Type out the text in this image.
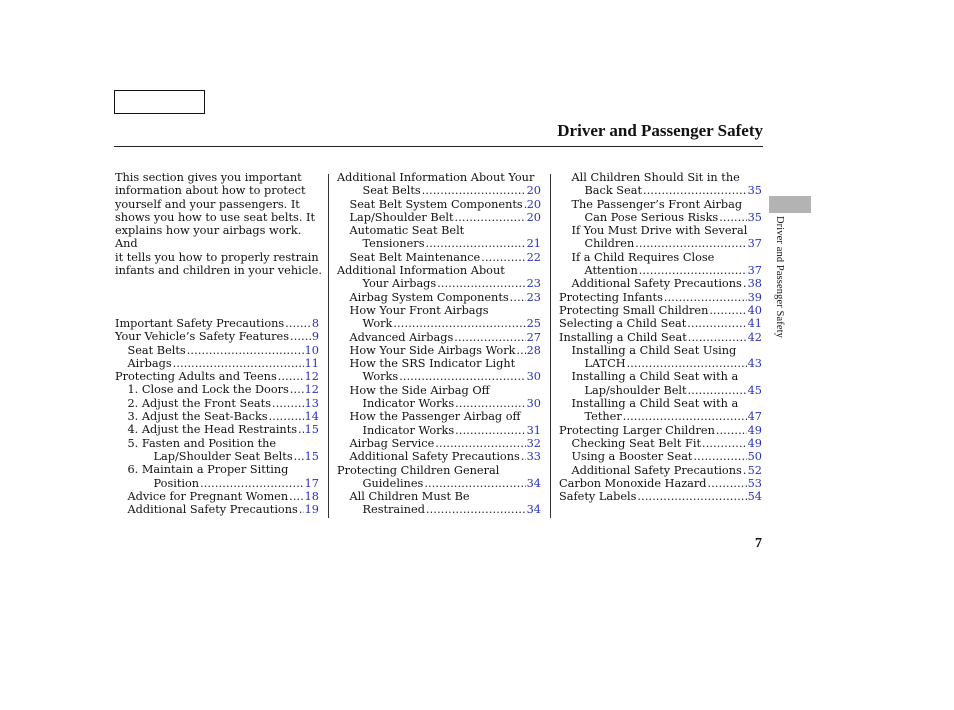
Driver and Passenger Safety
Driver and Passenger Safety

This section gives you important
information about how to protect
yourself and your passengers. It
shows you how to use seat belts. It
explains how your airbags work. And
it tells you how to properly restrain
infants and children in your vehicle.

Important Safety Precautions ..... 8
Your Vehicle’s Safety Features ..... 9
Seat Belts .....	10
Airbags .....	11
Protecting Adults and Teens ..... 12
1. Close and Lock the Doors ..... 12
2. Adjust the Front Seats .....	13
3. Adjust the Seat-Backs .....	14
4. Adjust the Head Restraints ..... 15
5. Fasten and Position the
Lap/Shoulder Seat Belts ..... 15
6. Maintain a Proper Sitting
Position .....	17
Advice for Pregnant Women ..... 18
Additional Safety Precautions ..... 19
Additional Information About Your
Seat Belts .....	20
Seat Belt System Components ..... 20
Lap/Shoulder Belt .....	20
Automatic Seat Belt
Tensioners .....	21
Seat Belt Maintenance .....	22
Additional Information About
Your Airbags .....	23
Airbag System Components ..... 23
How Your Front Airbags
Work .....	25
Advanced Airbags .....	27
How Your Side Airbags Work ..... 28
How the SRS Indicator Light
Works .....	30
How the Side Airbag Off
Indicator Works .....	30
How the Passenger Airbag off
Indicator Works .....	31
Airbag Service .....	32
Additional Safety Precautions ..... 33
Protecting Children General
Guidelines .....	34
All Children Must Be
Restrained .....	34
All Children Should Sit in the
Back Seat .....	35
The Passenger’s Front Airbag
Can Pose Serious Risks .....	35
If You Must Drive with Several
Children .....	37
If a Child Requires Close
Attention .....	37
Additional Safety Precautions ..... 38
Protecting Infants .....	39
Protecting Small Children .....	40
Selecting a Child Seat .....	41
Installing a Child Seat .....	42
Installing a Child Seat Using
LATCH .....	43
Installing a Child Seat with a
Lap/shoulder Belt .....	45
Installing a Child Seat with a
Tether .....	47
Protecting Larger Children .....	49
Checking Seat Belt Fit .....	49
Using a Booster Seat .....	50
Additional Safety Precautions ..... 52
Carbon Monoxide Hazard .....	53
Safety Labels .....	54
7
